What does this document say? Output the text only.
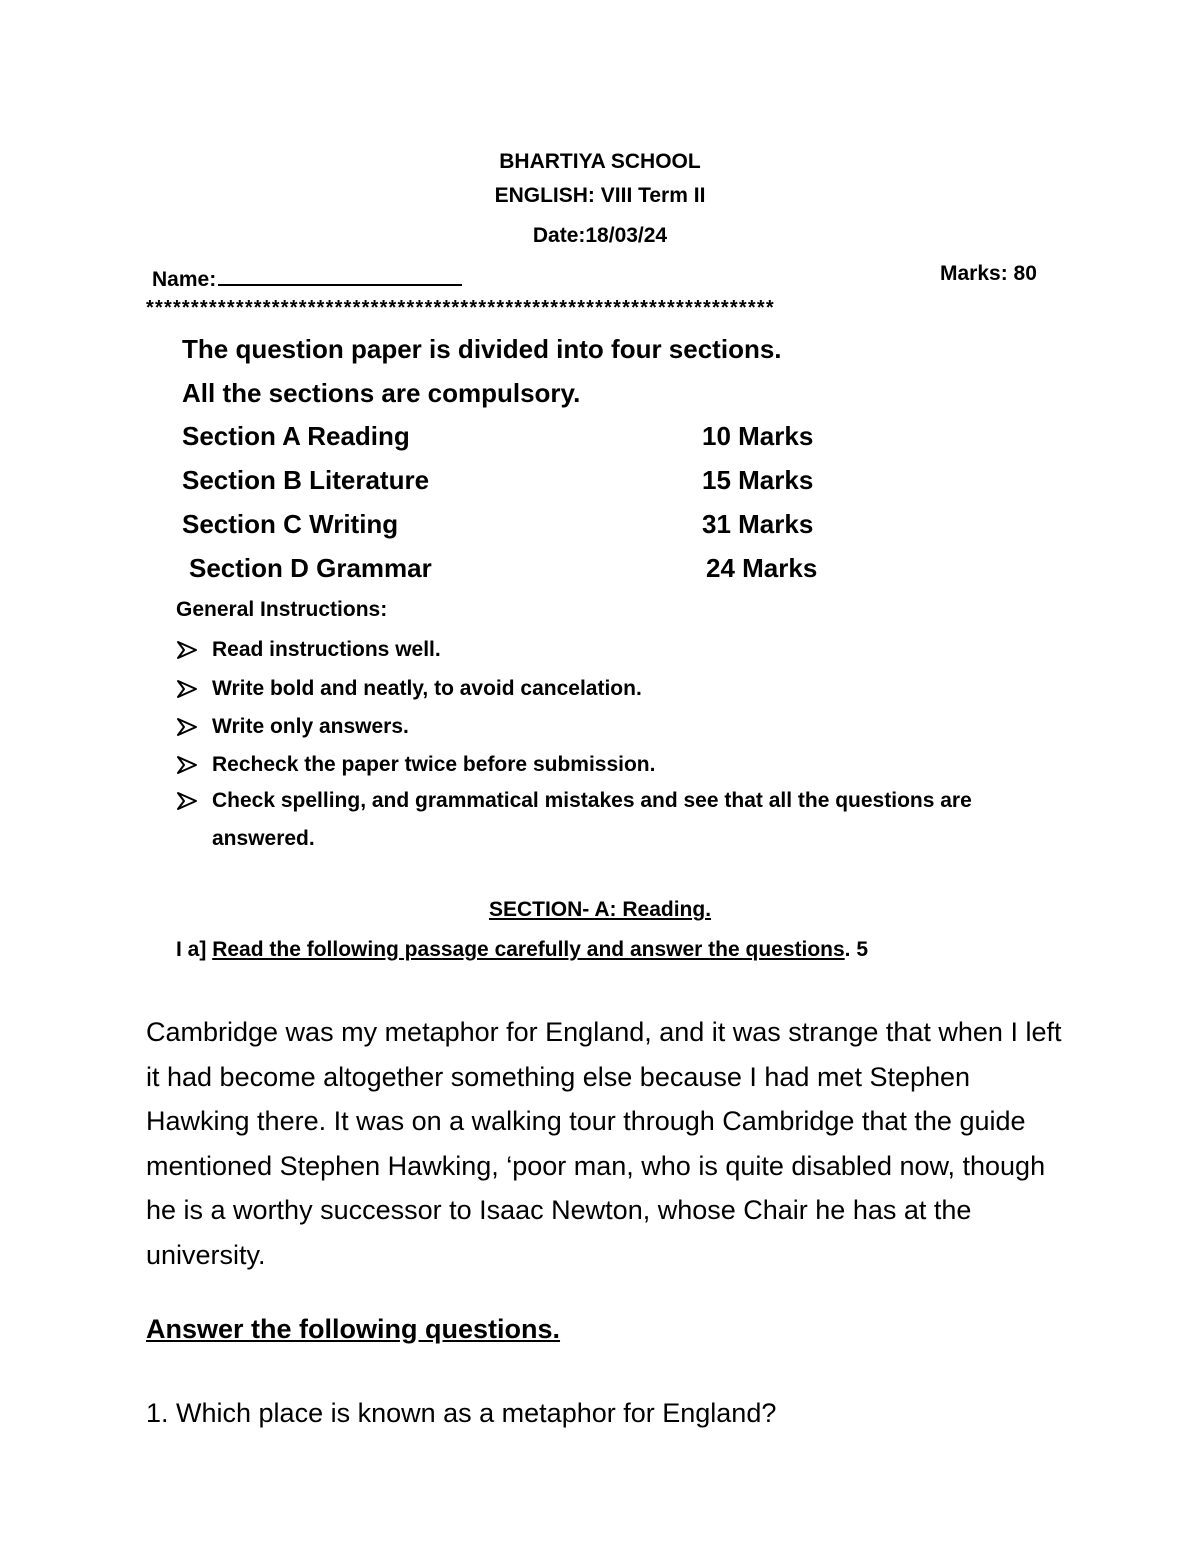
BHARTIYA SCHOOL
ENGLISH: VIII Term II
Date:18/03/24
Name:	Marks: 80
**********************************************************************
The question paper is divided into four sections.
All the sections are compulsory.
Section A Reading	10 Marks
Section B Literature	15 Marks
Section C Writing	31 Marks
Section D Grammar	24 Marks
General Instructions:
Read instructions well.
Write bold and neatly, to avoid cancelation.
Write only answers.
Recheck the paper twice before submission.
Check spelling, and grammatical mistakes and see that all the questions are answered.
SECTION- A: Reading.
I a] Read the following passage carefully and answer the questions. 5
Cambridge was my metaphor for England, and it was strange that when I left it had become altogether something else because I had met Stephen Hawking there. It was on a walking tour through Cambridge that the guide mentioned Stephen Hawking, ‘poor man, who is quite disabled now, though he is a worthy successor to Isaac Newton, whose Chair he has at the university.
Answer the following questions.
1. Which place is known as a metaphor for England?
